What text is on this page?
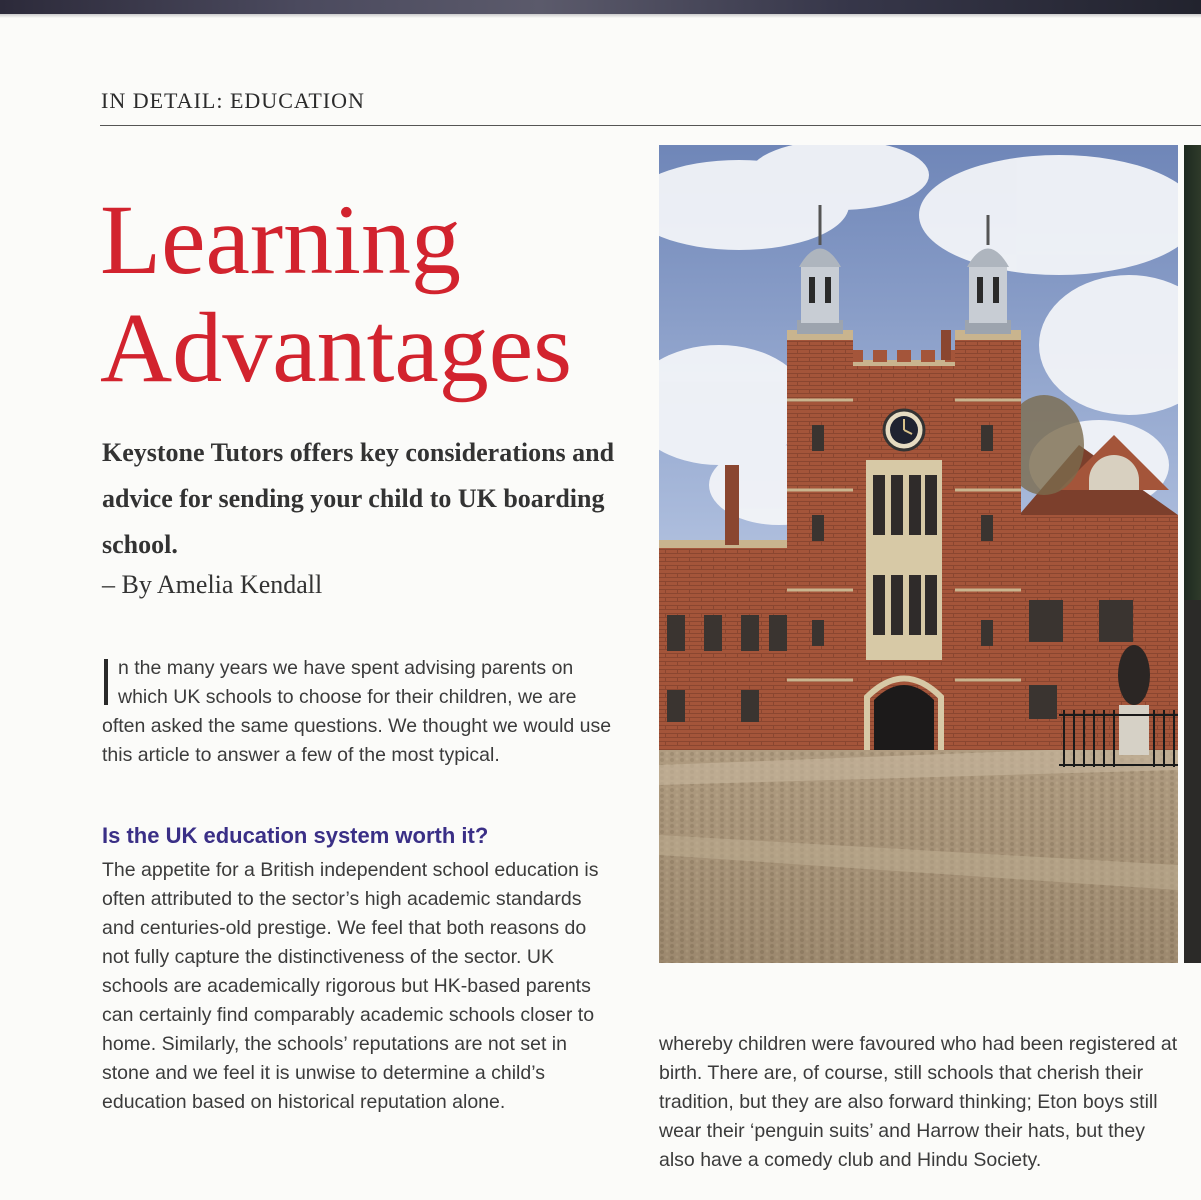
IN DETAIL: EDUCATION
Learning
Advantages
Keystone Tutors offers key considerations and advice for sending your child to UK boarding school.
– By Amelia Kendall
n the many years we have spent advising parents on which UK schools to choose for their children, we are often asked the same questions. We thought we would use this article to answer a few of the most typical.
Is the UK education system worth it?
The appetite for a British independent school education is often attributed to the sector’s high academic standards and centuries-old prestige. We feel that both reasons do not fully capture the distinctiveness of the sector. UK schools are academically rigorous but HK-based parents can certainly find comparably academic schools closer to home. Similarly, the schools’ reputations are not set in stone and we feel it is unwise to determine a child’s education based on historical reputation alone.
whereby children were favoured who had been registered at birth. There are, of course, still schools that cherish their tradition, but they are also forward thinking; Eton boys still wear their ‘penguin suits’ and Harrow their hats, but they also have a comedy club and Hindu Society.
